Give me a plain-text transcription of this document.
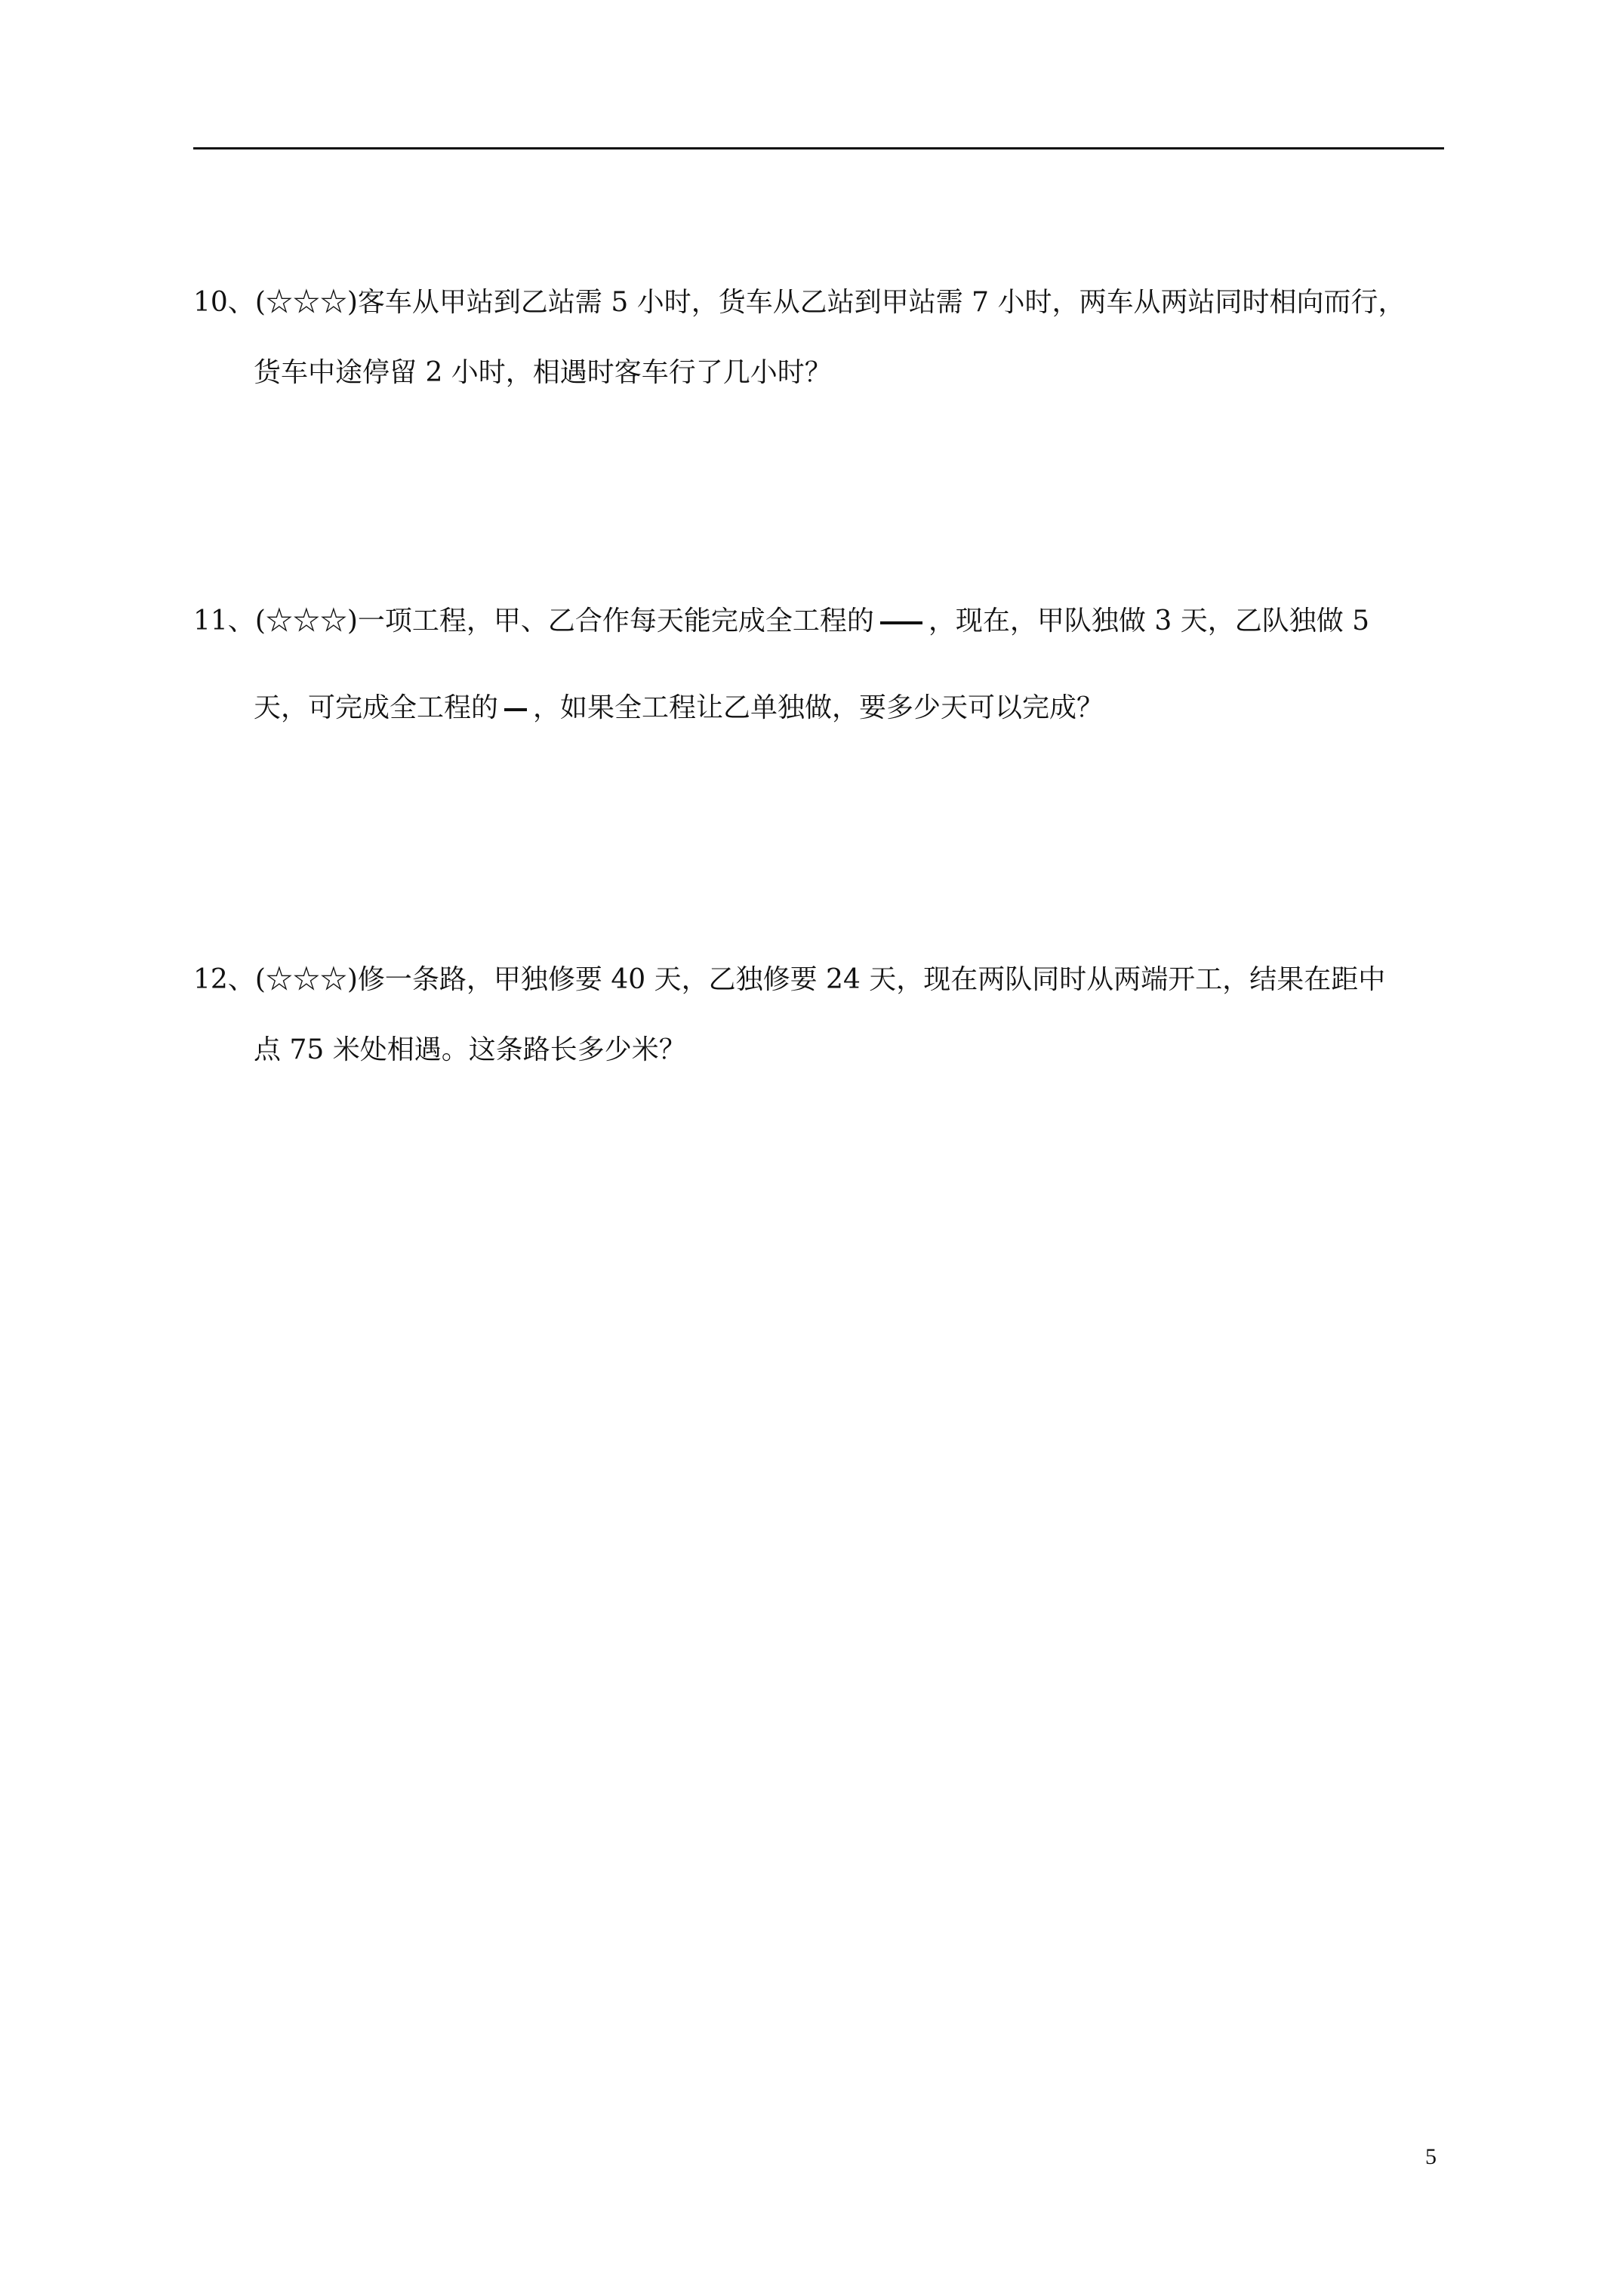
10、(☆☆☆)客车从甲站到乙站需 5 小时，货车从乙站到甲站需 7 小时，两车从两站同时相向而行，
货车中途停留 2 小时，相遇时客车行了几小时？
11、(☆☆☆)一项工程，甲、乙合作每天能完成全工程的 ，现在，甲队独做 3 天，乙队独做 5
天，可完成全工程的 ，如果全工程让乙单独做，要多少天可以完成？
12、(☆☆☆)修一条路，甲独修要 40 天，乙独修要 24 天，现在两队同时从两端开工，结果在距中
点 75 米处相遇。这条路长多少米？
5
